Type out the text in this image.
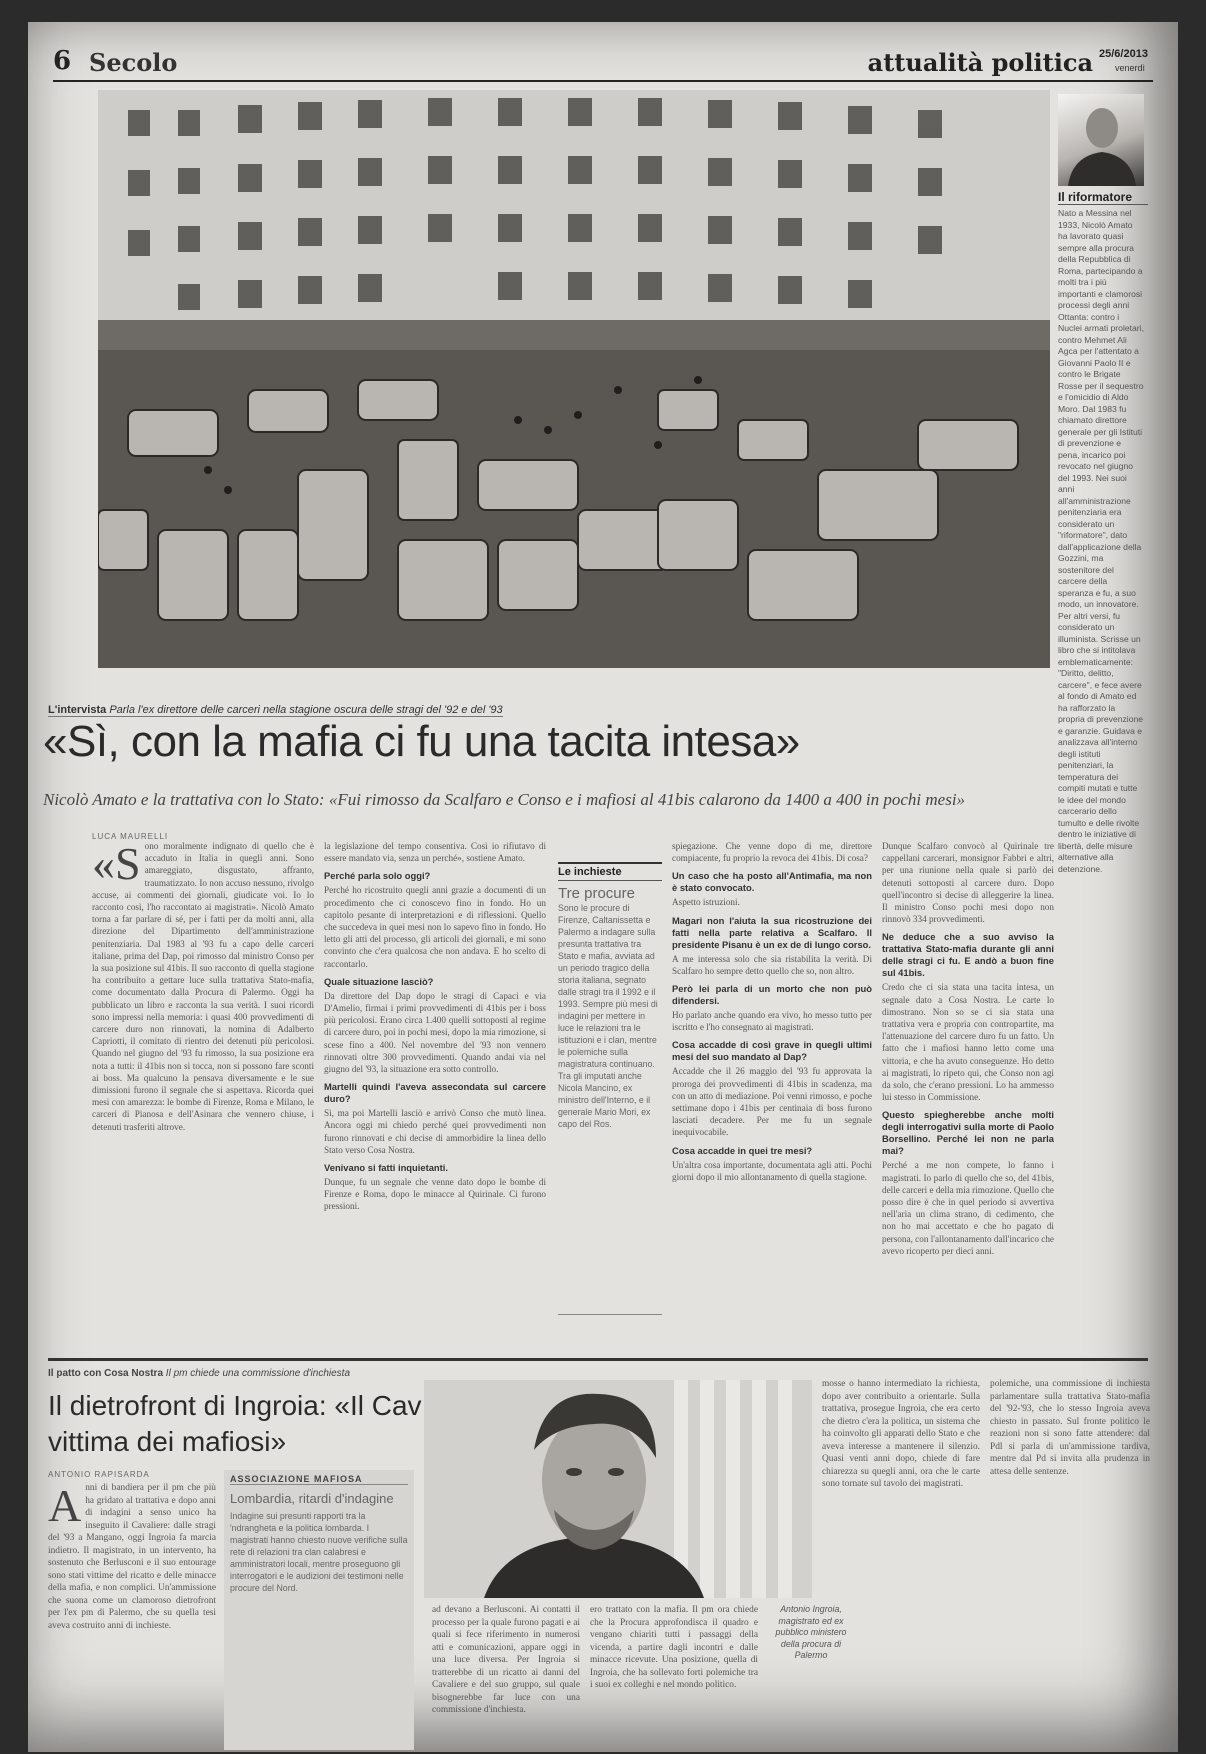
6 Secolo	attualità politica 25/6/2013
venerdì
Il riformatore
Nato a Messina nel 1933, Nicolò Amato ha lavorato quasi sempre alla procura della Repubblica di Roma, partecipando a molti tra i più importanti e clamorosi processi degli anni Ottanta: contro i Nuclei armati proletari, contro Mehmet Ali Agca per l'attentato a Giovanni Paolo II e contro le Brigate Rosse per il sequestro e l'omicidio di Aldo Moro. Dal 1983 fu chiamato direttore generale per gli Istituti di prevenzione e pena, incarico poi revocato nel giugno del 1993. Nei suoi anni all'amministrazione penitenziaria era considerato un "riformatore", dato dall'applicazione della Gozzini, ma sostenitore del carcere della speranza e fu, a suo modo, un innovatore. Per altri versi, fu considerato un illuminista. Scrisse un libro che si intitolava emblematicamente: "Diritto, delitto, carcere", e fece avere al fondo di Amato ed ha rafforzato la propria di prevenzione e garanzie. Guidava e analizzava all'interno degli istituti penitenziari, la temperatura dei compiti mutati e tutte le idee del mondo carcerario dello tumulto e delle rivolte dentro le iniziative di libertà, delle misure alternative alla detenzione.
L'intervista Parla l'ex direttore delle carceri nella stagione oscura delle stragi del '92 e del '93
«Sì, con la mafia ci fu una tacita intesa»
Nicolò Amato e la trattativa con lo Stato: «Fui rimosso da Scalfaro e Conso e i mafiosi al 41bis calarono da 1400 a 400 in pochi mesi»
LUCA MAURELLI
«S ono moralmente indignato di quello che è accaduto in Italia in quegli anni. Sono amareggiato, disgustato, affranto, traumatizzato. Io non accuso nessuno, rivolgo accuse, ai commenti dei giornali, giudicate voi. Io lo racconto così, l'ho raccontato ai magistrati». Nicolò Amato torna a far parlare di sé, per i fatti per da molti anni, alla direzione del Dipartimento dell'amministrazione penitenziaria. Dal 1983 al '93 fu a capo delle carceri italiane, prima del Dap, poi rimosso dal ministro Conso per la sua posizione sul 41bis. Il suo racconto di quella stagione ha contribuito a gettare luce sulla trattativa Stato-mafia, come documentato dalla Procura di Palermo. Oggi ha pubblicato un libro e racconta la sua verità. I suoi ricordi sono impressi nella memoria: i quasi 400 provvedimenti di carcere duro non rinnovati, la nomina di Adalberto Capriotti, il comitato di rientro dei detenuti più pericolosi. Quando nel giugno del '93 fu rimosso, la sua posizione era nota a tutti: il 41bis non si tocca, non si possono fare sconti ai boss. Ma qualcuno la pensava diversamente e le sue dimissioni furono il segnale che si aspettava. Ricorda quei mesi con amarezza: le bombe di Firenze, Roma e Milano, le carceri di Pianosa e dell'Asinara che vennero chiuse, i detenuti trasferiti altrove.

la legislazione del tempo consentiva. Così io rifiutavo di essere mandato via, senza un perché», sostiene Amato.

Perché parla solo oggi?

Perché ho ricostruito quegli anni grazie a documenti di un procedimento che ci conoscevo fino in fondo. Ho un capitolo pesante di interpretazioni e di riflessioni. Quello che succedeva in quei mesi non lo sapevo fino in fondo. Ho letto gli atti del processo, gli articoli dei giornali, e mi sono convinto che c'era qualcosa che non andava. E ho scelto di raccontarlo.

Quale situazione lasciò?

Da direttore del Dap dopo le stragi di Capaci e via D'Amelio, firmai i primi provvedimenti di 41bis per i boss più pericolosi. Erano circa 1.400 quelli sottoposti al regime di carcere duro, poi in pochi mesi, dopo la mia rimozione, si scese fino a 400. Nel novembre del '93 non vennero rinnovati oltre 300 provvedimenti. Quando andai via nel giugno del '93, la situazione era sotto controllo.

Martelli quindi l'aveva assecondata sul carcere duro?

Sì, ma poi Martelli lasciò e arrivò Conso che mutò linea. Ancora oggi mi chiedo perché quei provvedimenti non furono rinnovati e chi decise di ammorbidire la linea dello Stato verso Cosa Nostra.

Venivano si fatti inquietanti.

Dunque, fu un segnale che venne dato dopo le bombe di Firenze e Roma, dopo le minacce al Quirinale. Ci furono pressioni.

Le inchieste
Tre procure
Sono le procure di Firenze, Caltanissetta e Palermo a indagare sulla presunta trattativa tra Stato e mafia, avviata ad un periodo tragico della storia italiana, segnato dalle stragi tra il 1992 e il 1993. Sempre più mesi di indagini per mettere in luce le relazioni tra le istituzioni e i clan, mentre le polemiche sulla magistratura continuano. Tra gli imputati anche Nicola Mancino, ex ministro dell'Interno, e il generale Mario Mori, ex capo del Ros.

spiegazione. Che venne dopo di me, direttore compiacente, fu proprio la revoca dei 41bis. Di cosa?

Un caso che ha posto all'Antimafia, ma non è stato convocato.

Aspetto istruzioni.

Magari non l'aiuta la sua ricostruzione dei fatti nella parte relativa a Scalfaro. Il presidente Pisanu è un ex de di lungo corso.

A me interessa solo che sia ristabilita la verità. Di Scalfaro ho sempre detto quello che so, non altro.

Però lei parla di un morto che non può difendersi.

Ho parlato anche quando era vivo, ho messo tutto per iscritto e l'ho consegnato ai magistrati.

Cosa accadde di così grave in quegli ultimi mesi del suo mandato al Dap?

Accadde che il 26 maggio del '93 fu approvata la proroga dei provvedimenti di 41bis in scadenza, ma con un atto di mediazione. Poi venni rimosso, e poche settimane dopo i 41bis per centinaia di boss furono lasciati decadere. Per me fu un segnale inequivocabile.

Cosa accadde in quei tre mesi?

Un'altra cosa importante, documentata agli atti. Pochi giorni dopo il mio allontanamento di quella stagione.

Dunque Scalfaro convocò al Quirinale tre cappellani carcerari, monsignor Fabbri e altri, per una riunione nella quale si parlò dei detenuti sottoposti al carcere duro. Dopo quell'incontro si decise di alleggerire la linea. Il ministro Conso pochi mesi dopo non rinnovò 334 provvedimenti.

Ne deduce che a suo avviso la trattativa Stato-mafia durante gli anni delle stragi ci fu. E andò a buon fine sul 41bis.

Credo che ci sia stata una tacita intesa, un segnale dato a Cosa Nostra. Le carte lo dimostrano. Non so se ci sia stata una trattativa vera e propria con contropartite, ma l'attenuazione del carcere duro fu un fatto. Un fatto che i mafiosi hanno letto come una vittoria, e che ha avuto conseguenze. Ho detto ai magistrati, lo ripeto qui, che Conso non agì da solo, che c'erano pressioni. Lo ha ammesso lui stesso in Commissione.

Questo spiegherebbe anche molti degli interrogativi sulla morte di Paolo Borsellino. Perché lei non ne parla mai?

Perché a me non compete, lo fanno i magistrati. Io parlo di quello che so, del 41bis, delle carceri e della mia rimozione. Quello che posso dire è che in quel periodo si avvertiva nell'aria un clima strano, di cedimento, che non ho mai accettato e che ho pagato di persona, con l'allontanamento dall'incarico che avevo ricoperto per dieci anni.

Il patto con Cosa Nostra Il pm chiede una commissione d'inchiesta
Il dietrofront di Ingroia: «Il Cav vittima dei mafiosi»
ANTONIO RAPISARDA
A nni di bandiera per il pm che più ha gridato al trattativa e dopo anni di indagini a senso unico ha inseguito il Cavaliere: dalle stragi del '93 a Mangano, oggi Ingroia fa marcia indietro. Il magistrato, in un intervento, ha sostenuto che Berlusconi e il suo entourage sono stati vittime del ricatto e delle minacce della mafia, e non complici. Un'ammissione che suona come un clamoroso dietrofront per l'ex pm di Palermo, che su quella tesi aveva costruito anni di inchieste.
ASSOCIAZIONE MAFIOSA
Lombardia, ritardi d'indagine
Indagine sui presunti rapporti tra la 'ndrangheta e la politica lombarda. I magistrati hanno chiesto nuove verifiche sulla rete di relazioni tra clan calabresi e amministratori locali, mentre proseguono gli interrogatori e le audizioni dei testimoni nelle procure del Nord.
Antonio Ingroia, magistrato ed ex pubblico ministero della procura di Palermo
ad devano a Berlusconi. Ai contatti il processo per la quale furono pagati e ai quali si fece riferimento in numerosi atti e comunicazioni, appare oggi in una luce diversa. Per Ingroia si tratterebbe di un ricatto ai danni del Cavaliere e del suo gruppo, sul quale bisognerebbe far luce con una commissione d'inchiesta.
ero trattato con la mafia. Il pm ora chiede che la Procura approfondisca il quadro e vengano chiariti tutti i passaggi della vicenda, a partire dagli incontri e dalle minacce ricevute. Una posizione, quella di Ingroia, che ha sollevato forti polemiche tra i suoi ex colleghi e nel mondo politico.
mosse o hanno intermediato la richiesta, dopo aver contribuito a orientarle. Sulla trattativa, prosegue Ingroia, che era certo che dietro c'era la politica, un sistema che ha coinvolto gli apparati dello Stato e che aveva interesse a mantenere il silenzio. Quasi venti anni dopo, chiede di fare chiarezza su quegli anni, ora che le carte sono tornate sul tavolo dei magistrati.
polemiche, una commissione di inchiesta parlamentare sulla trattativa Stato-mafia del '92-'93, che lo stesso Ingroia aveva chiesto in passato. Sul fronte politico le reazioni non si sono fatte attendere: dal Pdl si parla di un'ammissione tardiva, mentre dal Pd si invita alla prudenza in attesa delle sentenze.
